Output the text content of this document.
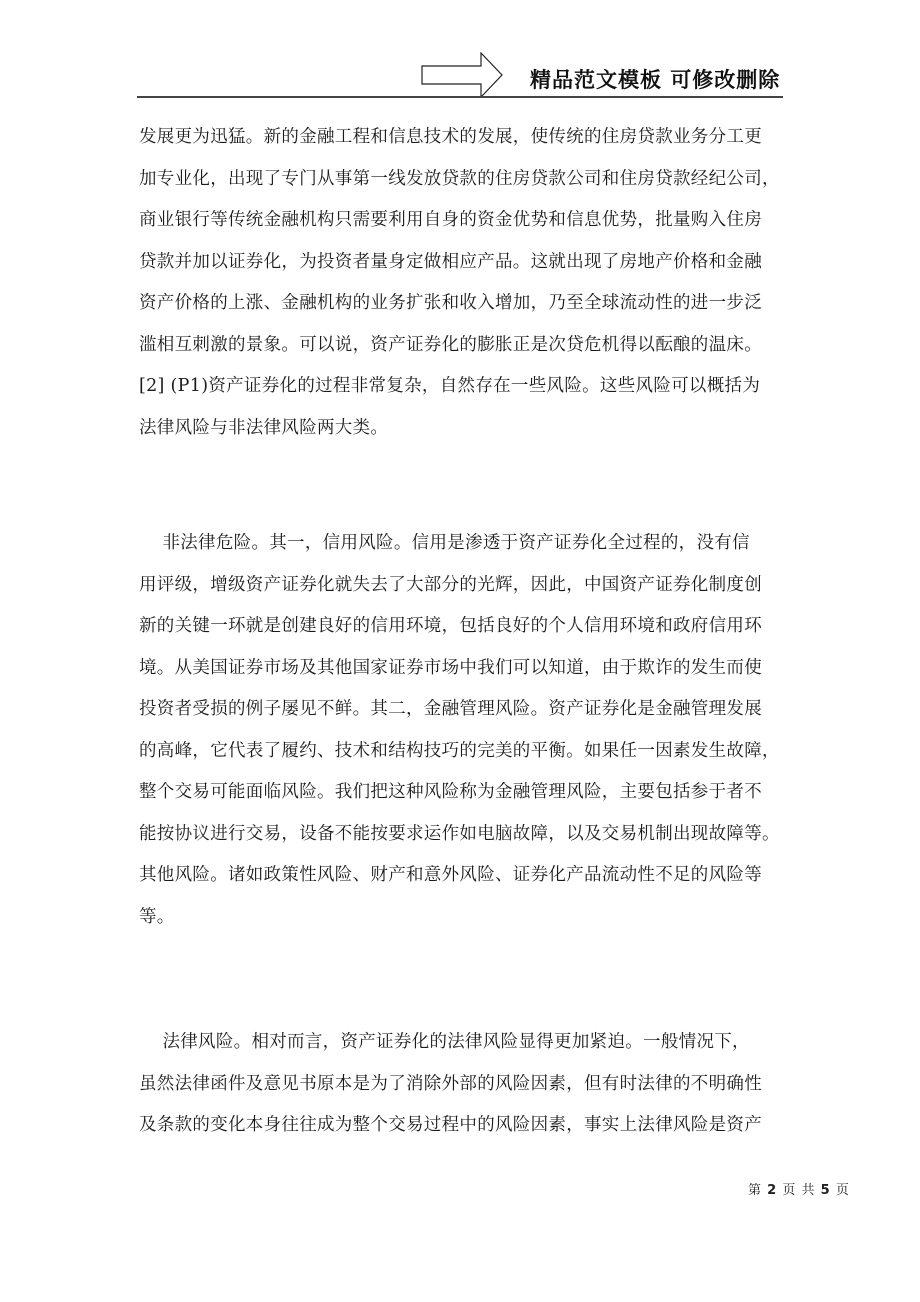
精品范文模板 可修改删除
发展更为迅猛。新的金融工程和信息技术的发展，使传统的住房贷款业务分工更
加专业化，出现了专门从事第一线发放贷款的住房贷款公司和住房贷款经纪公司，
商业银行等传统金融机构只需要利用自身的资金优势和信息优势，批量购入住房
贷款并加以证券化，为投资者量身定做相应产品。这就出现了房地产价格和金融
资产价格的上涨、金融机构的业务扩张和收入增加，乃至全球流动性的进一步泛
滥相互刺激的景象。可以说，资产证券化的膨胀正是次贷危机得以酝酿的温床。
[2] (P1)资产证券化的过程非常复杂，自然存在一些风险。这些风险可以概括为
法律风险与非法律风险两大类。
非法律危险。其一，信用风险。信用是渗透于资产证券化全过程的，没有信
用评级，增级资产证券化就失去了大部分的光辉，因此，中国资产证券化制度创
新的关键一环就是创建良好的信用环境，包括良好的个人信用环境和政府信用环
境。从美国证券市场及其他国家证券市场中我们可以知道，由于欺诈的发生而使
投资者受损的例子屡见不鲜。其二，金融管理风险。资产证券化是金融管理发展
的高峰，它代表了履约、技术和结构技巧的完美的平衡。如果任一因素发生故障，
整个交易可能面临风险。我们把这种风险称为金融管理风险，主要包括参于者不
能按协议进行交易，设备不能按要求运作如电脑故障，以及交易机制出现故障等。
其他风险。诸如政策性风险、财产和意外风险、证券化产品流动性不足的风险等
等。
法律风险。相对而言，资产证券化的法律风险显得更加紧迫。一般情况下，
虽然法律函件及意见书原本是为了消除外部的风险因素，但有时法律的不明确性
及条款的变化本身往往成为整个交易过程中的风险因素，事实上法律风险是资产
第 2 页 共 5 页
